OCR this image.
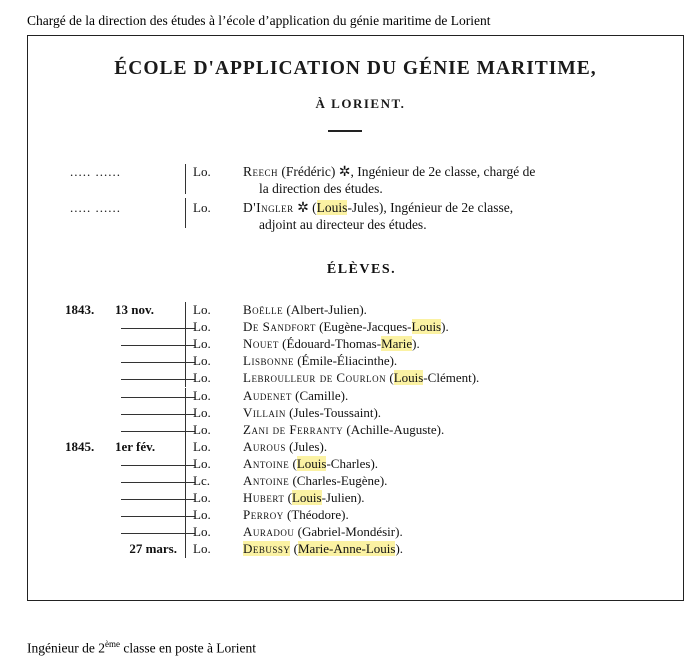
Chargé de la direction des études à l’école d’application du génie maritime de Lorient
ÉCOLE D'APPLICATION DU GÉNIE MARITIME,
À LORIENT.
..... ......	Lo. Reech (Frédéric) ✲, Ingénieur de 2e classe, chargé de
la direction des études.
..... ......	Lo. D'Ingler ✲ (Louis-Jules), Ingénieur de 2e classe,
adjoint au directeur des études.
ÉLÈVES.
1843. 13 nov.	Lo. Boëlle (Albert-Julien).
Lo. De Sandfort (Eugène-Jacques-Louis).
Lo. Nouet (Édouard-Thomas-Marie).
Lo. Lisbonne (Émile-Éliacinthe).
Lo. Lebroulleur de Courlon (Louis-Clément).
Lo. Audenet (Camille).
Lo. Villain (Jules-Toussaint).
Lo. Zani de Ferranty (Achille-Auguste).
1845. 1er fév.	Lo. Aurous (Jules).
Lo. Antoine (Louis-Charles).
Lc.	Antoine (Charles-Eugène).
Lo. Hubert (Louis-Julien).
Lo. Perroy (Théodore).
Lo. Auradou (Gabriel-Mondésir).
27 mars. Lo. Debussy (Marie-Anne-Louis).
Ingénieur de 2ème classe en poste à Lorient
